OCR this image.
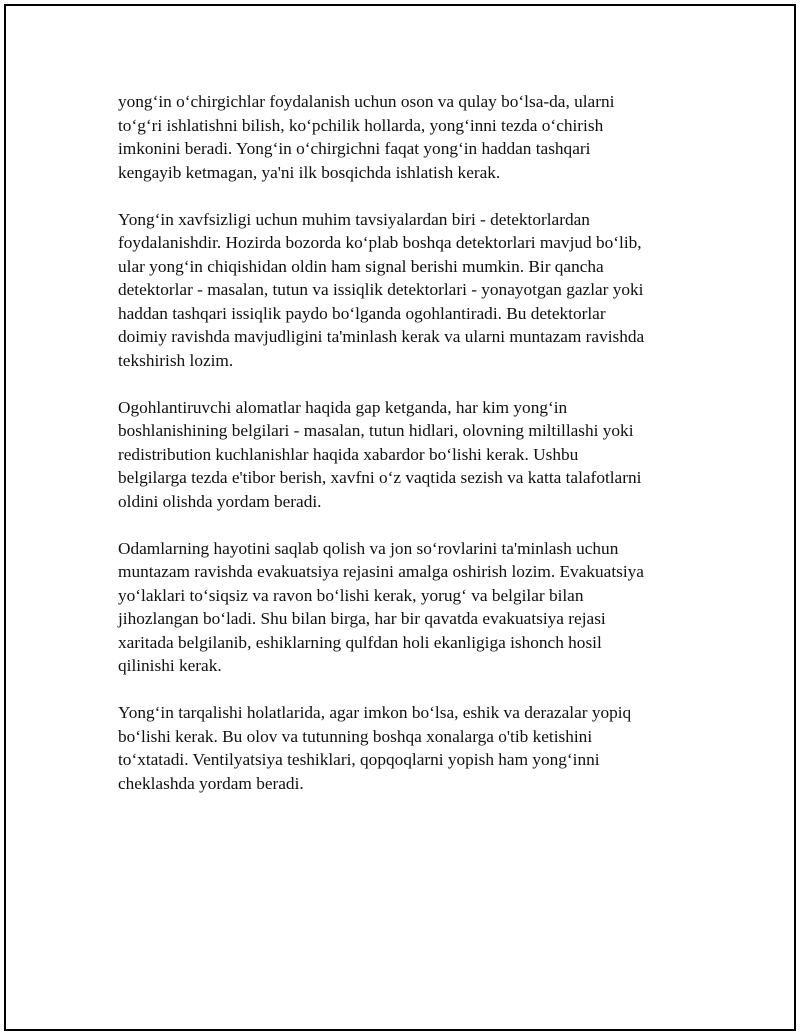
yong‘in o‘chirgichlar foydalanish uchun oson va qulay bo‘lsa-da, ularni
to‘g‘ri ishlatishni bilish, ko‘pchilik hollarda, yong‘inni tezda o‘chirish
imkonini beradi. Yong‘in o‘chirgichni faqat yong‘in haddan tashqari
kengayib ketmagan, ya'ni ilk bosqichda ishlatish kerak.

Yong‘in xavfsizligi uchun muhim tavsiyalardan biri - detektorlardan
foydalanishdir. Hozirda bozorda ko‘plab boshqa detektorlari mavjud bo‘lib,
ular yong‘in chiqishidan oldin ham signal berishi mumkin. Bir qancha
detektorlar - masalan, tutun va issiqlik detektorlari - yonayotgan gazlar yoki
haddan tashqari issiqlik paydo bo‘lganda ogohlantiradi. Bu detektorlar
doimiy ravishda mavjudligini ta'minlash kerak va ularni muntazam ravishda
tekshirish lozim.

Ogohlantiruvchi alomatlar haqida gap ketganda, har kim yong‘in
boshlanishining belgilari - masalan, tutun hidlari, olovning miltillashi yoki
redistribution kuchlanishlar haqida xabardor bo‘lishi kerak. Ushbu
belgilarga tezda e'tibor berish, xavfni o‘z vaqtida sezish va katta talafotlarni
oldini olishda yordam beradi.

Odamlarning hayotini saqlab qolish va jon so‘rovlarini ta'minlash uchun
muntazam ravishda evakuatsiya rejasini amalga oshirish lozim. Evakuatsiya
yo‘laklari to‘siqsiz va ravon bo‘lishi kerak, yorug‘ va belgilar bilan
jihozlangan bo‘ladi. Shu bilan birga, har bir qavatda evakuatsiya rejasi
xaritada belgilanib, eshiklarning qulfdan holi ekanligiga ishonch hosil
qilinishi kerak.

Yong‘in tarqalishi holatlarida, agar imkon bo‘lsa, eshik va derazalar yopiq
bo‘lishi kerak. Bu olov va tutunning boshqa xonalarga o'tib ketishini
to‘xtatadi. Ventilyatsiya teshiklari, qopqoqlarni yopish ham yong‘inni
cheklashda yordam beradi.
